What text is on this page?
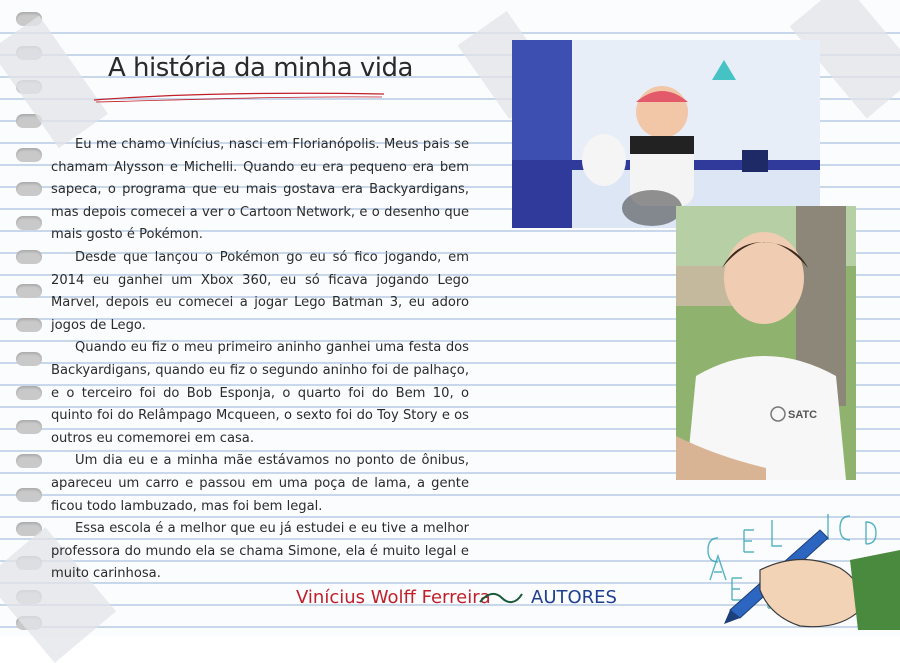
A história da minha vida

Eu me chamo Vinícius, nasci em Florianópolis. Meus pais se chamam Alysson e Michelli. Quando eu era pequeno era bem sapeca, o programa que eu mais gostava era Backyardigans, mas depois comecei a ver o Cartoon Network, e o desenho que mais gosto é Pokémon.

Desde que lançou o Pokémon go eu só fico jogando, em 2014 eu ganhei um Xbox 360, eu só ficava jogando Lego Marvel, depois eu comecei a jogar Lego Batman 3, eu adoro jogos de Lego.

Quando eu fiz o meu primeiro aninho ganhei uma festa dos Backyardigans, quando eu fiz o segundo aninho foi de palhaço, e o terceiro foi do Bob Esponja, o quarto foi do Bem 10, o quinto foi do Relâmpago Mcqueen, o sexto foi do Toy Story e os outros eu comemorei em casa.

Um dia eu e a minha mãe estávamos no ponto de ônibus, apareceu um carro e passou em uma poça de lama, a gente ficou todo lambuzado, mas foi bem legal.

Essa escola é a melhor que eu já estudei e eu tive a melhor professora do mundo ela se chama Simone, ela é muito legal e muito carinhosa.

SATC
Vinícius Wolff Ferreira AUTORES
